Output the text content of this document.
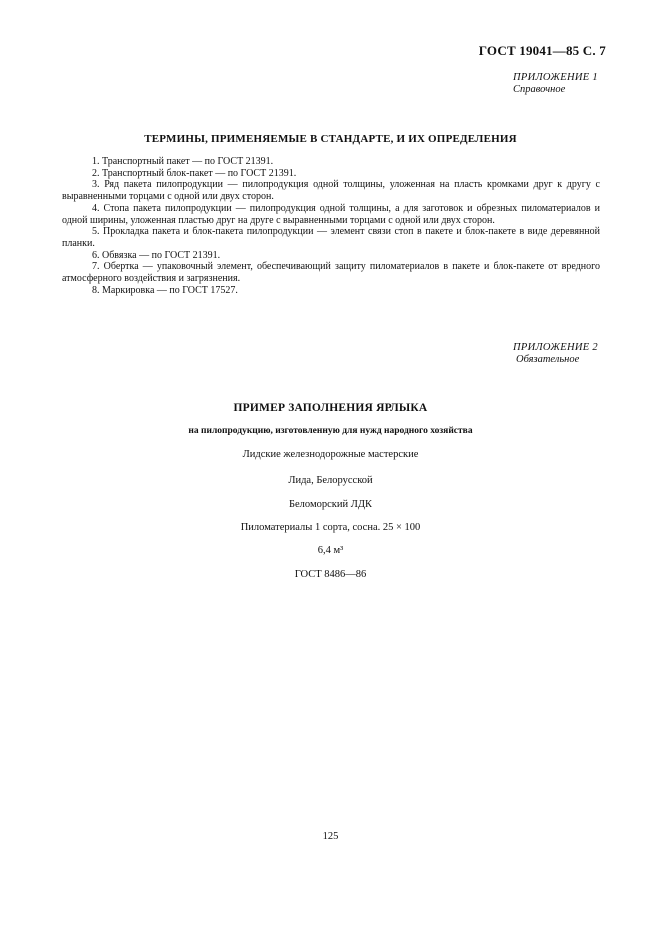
ГОСТ 19041—85 С. 7
ПРИЛОЖЕНИЕ 1
Справочное
ТЕРМИНЫ, ПРИМЕНЯЕМЫЕ В СТАНДАРТЕ, И ИХ ОПРЕДЕЛЕНИЯ

1. Транспортный пакет — по ГОСТ 21391.

2. Транспортный блок-пакет — по ГОСТ 21391.

3. Ряд пакета пилопродукции — пилопродукция одной толщины, уложенная на пласть кромками друг к другу с выравненными торцами с одной или двух сторон.

4. Стопа пакета пилопродукции — пилопродукция одной толщины, а для заготовок и обрезных пиломатериалов и одной ширины, уложенная пластью друг на друге с выравненными торцами с одной или двух сторон.

5. Прокладка пакета и блок-пакета пилопродукции — элемент связи стоп в пакете и блок-пакете в виде деревянной планки.

6. Обвязка — по ГОСТ 21391.

7. Обертка — упаковочный элемент, обеспечивающий защиту пиломатериалов в пакете и блок-пакете от вредного атмосферного воздействия и загрязнения.

8. Маркировка — по ГОСТ 17527.

ПРИЛОЖЕНИЕ 2
Обязательное
ПРИМЕР ЗАПОЛНЕНИЯ ЯРЛЫКА
на пилопродукцию, изготовленную для нужд народного хозяйства
Лидские железнодорожные мастерские
Лида, Белорусской
Беломорский ЛДК
Пиломатериалы 1 сорта, сосна. 25 × 100
6,4 м³
ГОСТ 8486—86
125
